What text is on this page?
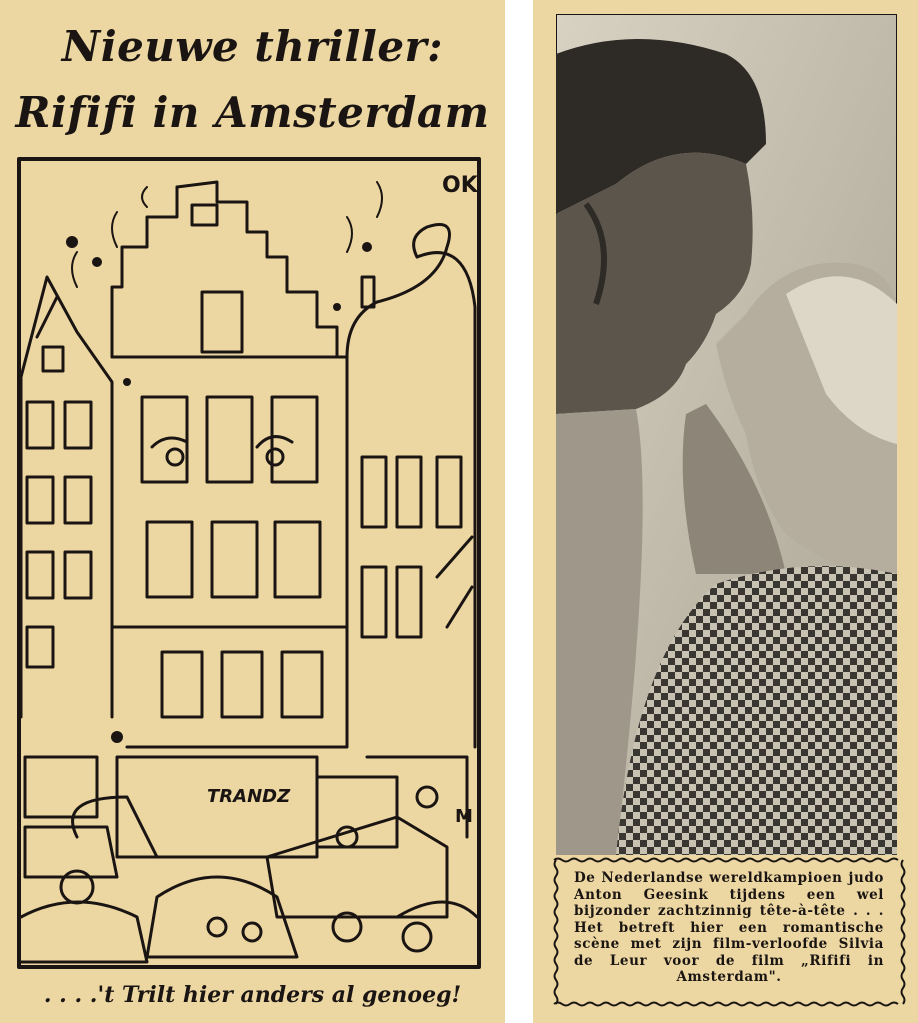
Nieuwe thriller:
Rififi in Amsterdam
TRANDZ
M
OK

. . . .'t Trilt hier anders al genoeg!

De Nederlandse wereldkampioen judo Anton Geesink tijdens een wel bijzonder zachtzinnig tête-à-tête . . . Het betreft hier een romantische scène met zijn film-verloofde Silvia de Leur voor de film „Rififi in Amsterdam".
